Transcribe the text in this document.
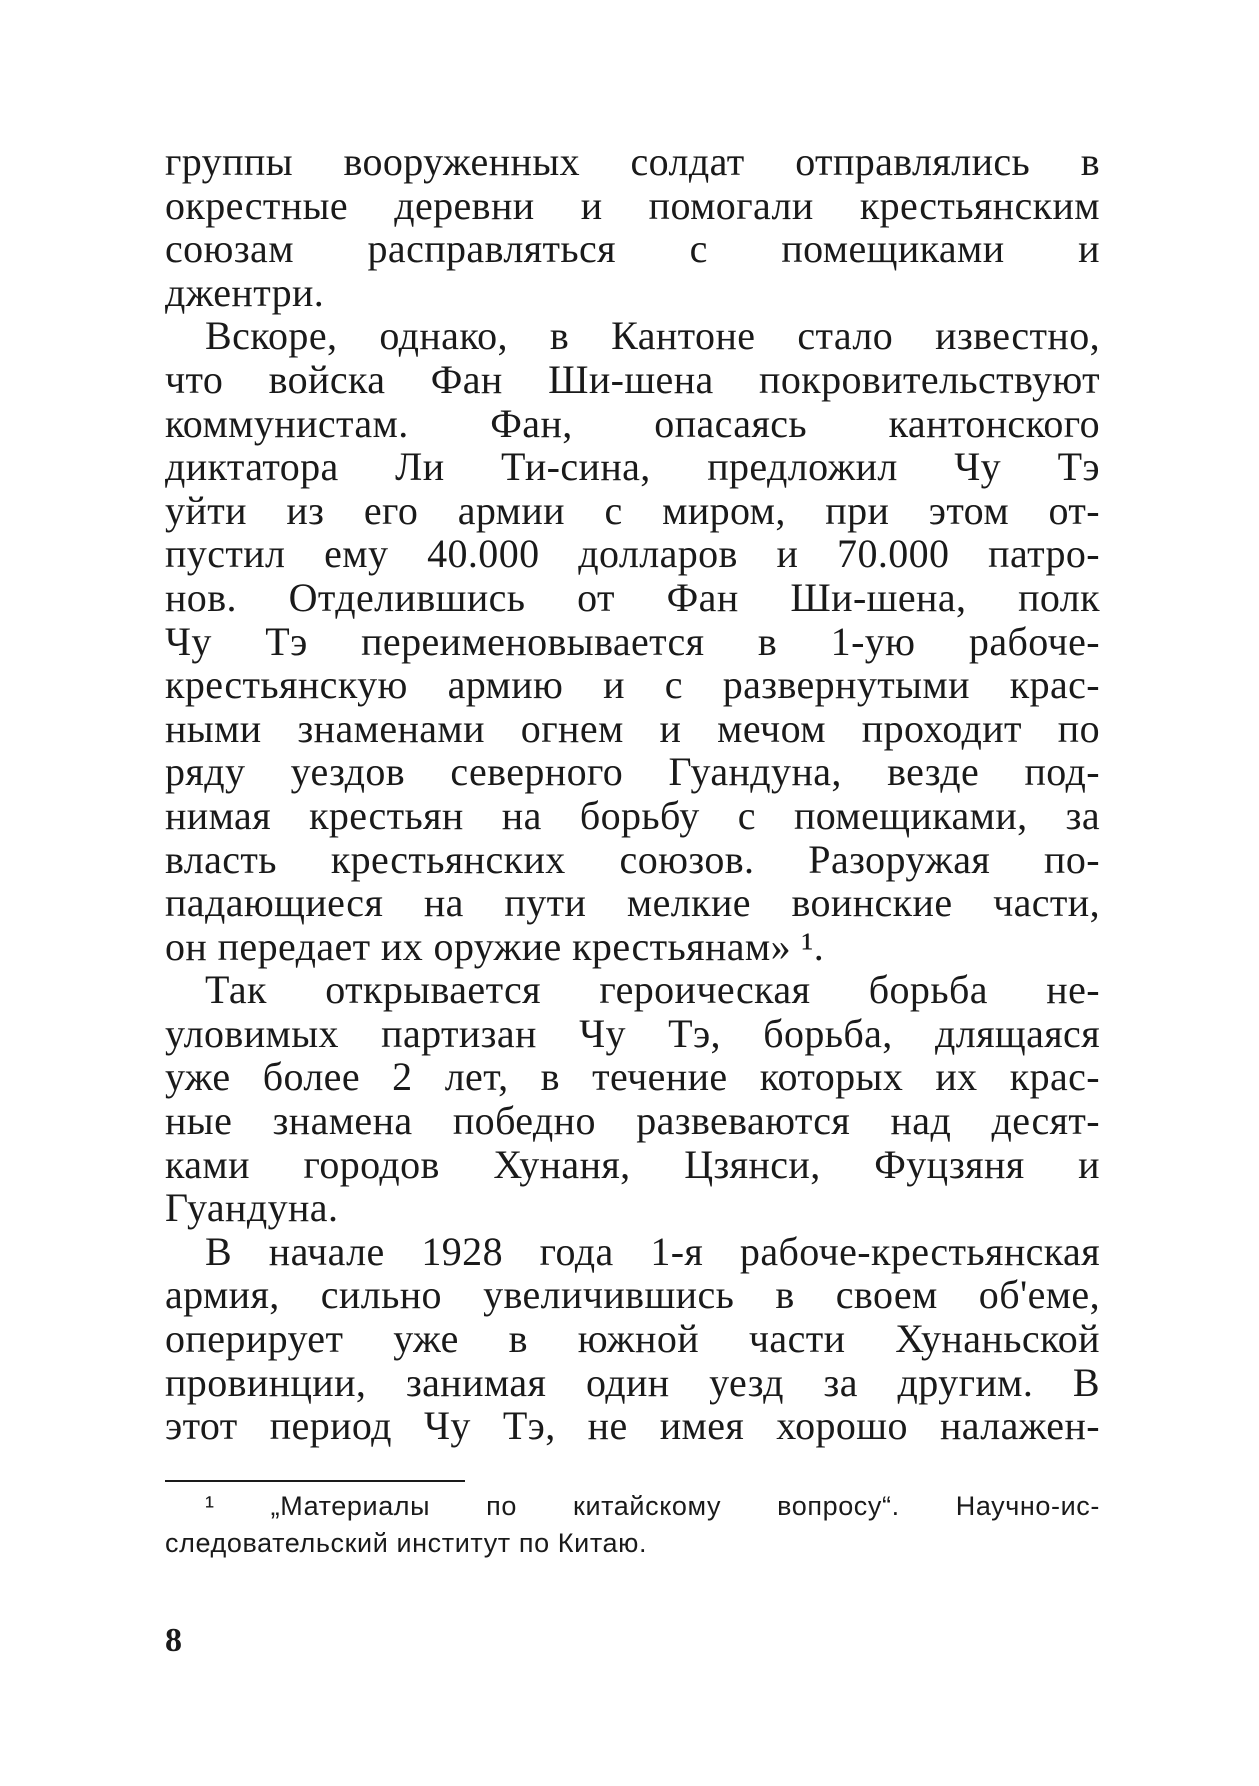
группы вооруженных солдат отправлялись в
окрестные деревни и помогали крестьянским
союзам расправляться с помещиками и
джентри.
Вскоре, однако, в Кантоне стало известно,
что войска Фан Ши-шена покровительствуют
коммунистам. Фан, опасаясь кантонского
диктатора Ли Ти-сина, предложил Чу Тэ
уйти из его армии с миром, при этом от-
пустил ему 40.000 долларов и 70.000 патро-
нов. Отделившись от Фан Ши-шена, полк
Чу Тэ переименовывается в 1-ую рабоче-
крестьянскую армию и с развернутыми крас-
ными знаменами огнем и мечом проходит по
ряду уездов северного Гуандуна, везде под-
нимая крестьян на борьбу с помещиками, за
власть крестьянских союзов. Разоружая по-
падающиеся на пути мелкие воинские части,
он передает их оружие крестьянам» ¹.
Так открывается героическая борьба не-
уловимых партизан Чу Тэ, борьба, длящаяся
уже более 2 лет, в течение которых их крас-
ные знамена победно развеваются над десят-
ками городов Хунаня, Цзянси, Фуцзяня и
Гуандуна.
В начале 1928 года 1-я рабоче-крестьянская
армия, сильно увеличившись в своем об'еме,
оперирует уже в южной части Хунаньской
провинции, занимая один уезд за другим. В
этот период Чу Тэ, не имея хорошо налажен-
¹ „Материалы по китайскому вопросу“. Научно-ис-
следовательский институт по Китаю.
8
